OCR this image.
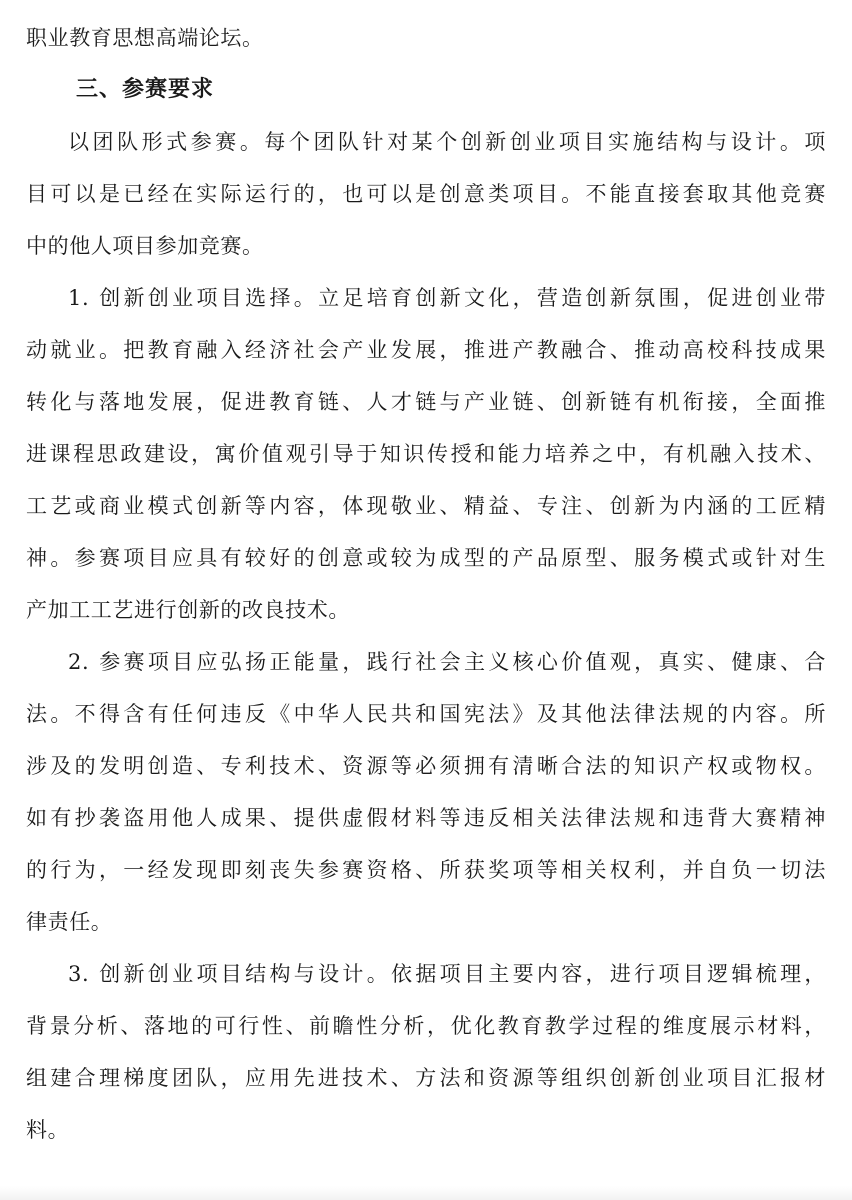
职业教育思想高端论坛。
三、参赛要求
以团队形式参赛。每个团队针对某个创新创业项目实施结构与设计。项
目可以是已经在实际运行的，也可以是创意类项目。不能直接套取其他竞赛
中的他人项目参加竞赛。
1. 创新创业项目选择。立足培育创新文化，营造创新氛围，促进创业带
动就业。把教育融入经济社会产业发展，推进产教融合、推动高校科技成果
转化与落地发展，促进教育链、人才链与产业链、创新链有机衔接，全面推
进课程思政建设，寓价值观引导于知识传授和能力培养之中，有机融入技术、
工艺或商业模式创新等内容，体现敬业、精益、专注、创新为内涵的工匠精
神。参赛项目应具有较好的创意或较为成型的产品原型、服务模式或针对生
产加工工艺进行创新的改良技术。
2. 参赛项目应弘扬正能量，践行社会主义核心价值观，真实、健康、合
法。不得含有任何违反《中华人民共和国宪法》及其他法律法规的内容。所
涉及的发明创造、专利技术、资源等必须拥有清晰合法的知识产权或物权。
如有抄袭盗用他人成果、提供虚假材料等违反相关法律法规和违背大赛精神
的行为，一经发现即刻丧失参赛资格、所获奖项等相关权利，并自负一切法
律责任。
3. 创新创业项目结构与设计。依据项目主要内容，进行项目逻辑梳理，
背景分析、落地的可行性、前瞻性分析，优化教育教学过程的维度展示材料，
组建合理梯度团队，应用先进技术、方法和资源等组织创新创业项目汇报材
料。
